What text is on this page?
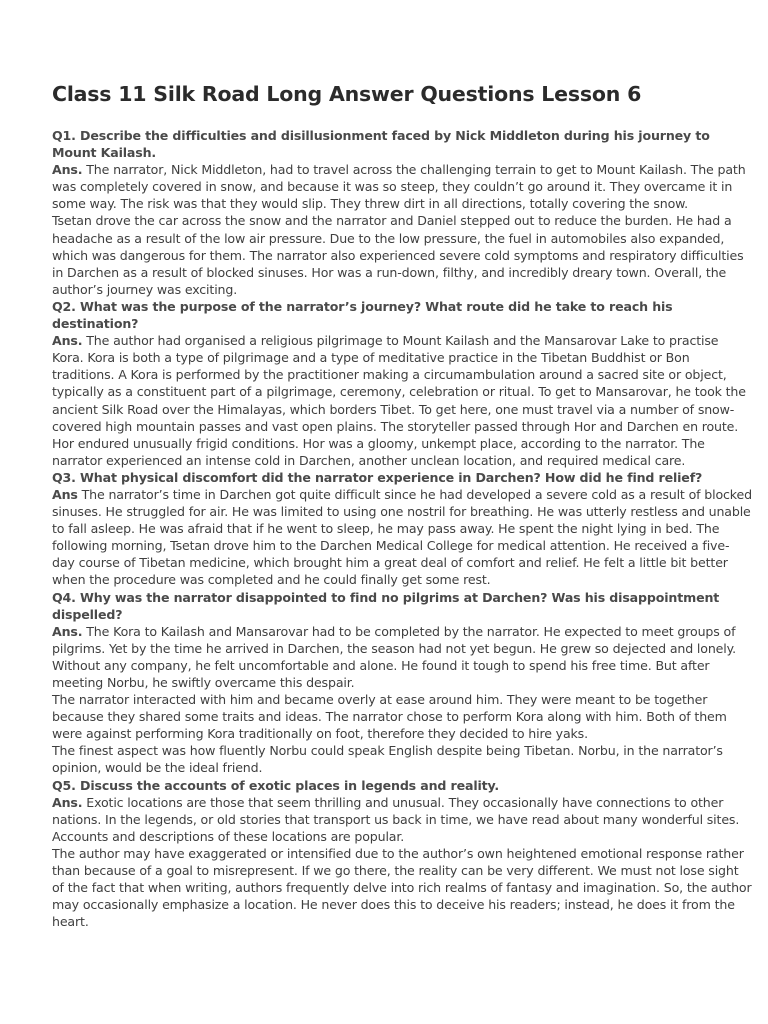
Class 11 Silk Road Long Answer Questions Lesson 6

Q1. Describe the difficulties and disillusionment faced by Nick Middleton during his journey to Mount Kailash.

Ans. The narrator, Nick Middleton, had to travel across the challenging terrain to get to Mount Kailash. The path was completely covered in snow, and because it was so steep, they couldn’t go around it. They overcame it in some way. The risk was that they would slip. They threw dirt in all directions, totally covering the snow.

Tsetan drove the car across the snow and the narrator and Daniel stepped out to reduce the burden. He had a headache as a result of the low air pressure. Due to the low pressure, the fuel in automobiles also expanded, which was dangerous for them. The narrator also experienced severe cold symptoms and respiratory difficulties in Darchen as a result of blocked sinuses. Hor was a run-down, filthy, and incredibly dreary town. Overall, the author’s journey was exciting.

Q2. What was the purpose of the narrator’s journey? What route did he take to reach his destination?

Ans. The author had organised a religious pilgrimage to Mount Kailash and the Mansarovar Lake to practise Kora. Kora is both a type of pilgrimage and a type of meditative practice in the Tibetan Buddhist or Bon traditions. A Kora is performed by the practitioner making a circumambulation around a sacred site or object, typically as a constituent part of a pilgrimage, ceremony, celebration or ritual. To get to Mansarovar, he took the ancient Silk Road over the Himalayas, which borders Tibet. To get here, one must travel via a number of snow-covered high mountain passes and vast open plains. The storyteller passed through Hor and Darchen en route. Hor endured unusually frigid conditions. Hor was a gloomy, unkempt place, according to the narrator. The narrator experienced an intense cold in Darchen, another unclean location, and required medical care.

Q3. What physical discomfort did the narrator experience in Darchen? How did he find relief?

Ans The narrator’s time in Darchen got quite difficult since he had developed a severe cold as a result of blocked sinuses. He struggled for air. He was limited to using one nostril for breathing. He was utterly restless and unable to fall asleep. He was afraid that if he went to sleep, he may pass away. He spent the night lying in bed. The following morning, Tsetan drove him to the Darchen Medical College for medical attention. He received a five-day course of Tibetan medicine, which brought him a great deal of comfort and relief. He felt a little bit better when the procedure was completed and he could finally get some rest.

Q4. Why was the narrator disappointed to find no pilgrims at Darchen? Was his disappointment dispelled?

Ans. The Kora to Kailash and Mansarovar had to be completed by the narrator. He expected to meet groups of pilgrims. Yet by the time he arrived in Darchen, the season had not yet begun. He grew so dejected and lonely. Without any company, he felt uncomfortable and alone. He found it tough to spend his free time. But after meeting Norbu, he swiftly overcame this despair.

The narrator interacted with him and became overly at ease around him. They were meant to be together because they shared some traits and ideas. The narrator chose to perform Kora along with him. Both of them were against performing Kora traditionally on foot, therefore they decided to hire yaks.

The finest aspect was how fluently Norbu could speak English despite being Tibetan. Norbu, in the narrator’s opinion, would be the ideal friend.

Q5. Discuss the accounts of exotic places in legends and reality.

Ans. Exotic locations are those that seem thrilling and unusual. They occasionally have connections to other nations. In the legends, or old stories that transport us back in time, we have read about many wonderful sites. Accounts and descriptions of these locations are popular.

The author may have exaggerated or intensified due to the author’s own heightened emotional response rather than because of a goal to misrepresent. If we go there, the reality can be very different. We must not lose sight of the fact that when writing, authors frequently delve into rich realms of fantasy and imagination. So, the author may occasionally emphasize a location. He never does this to deceive his readers; instead, he does it from the heart.
